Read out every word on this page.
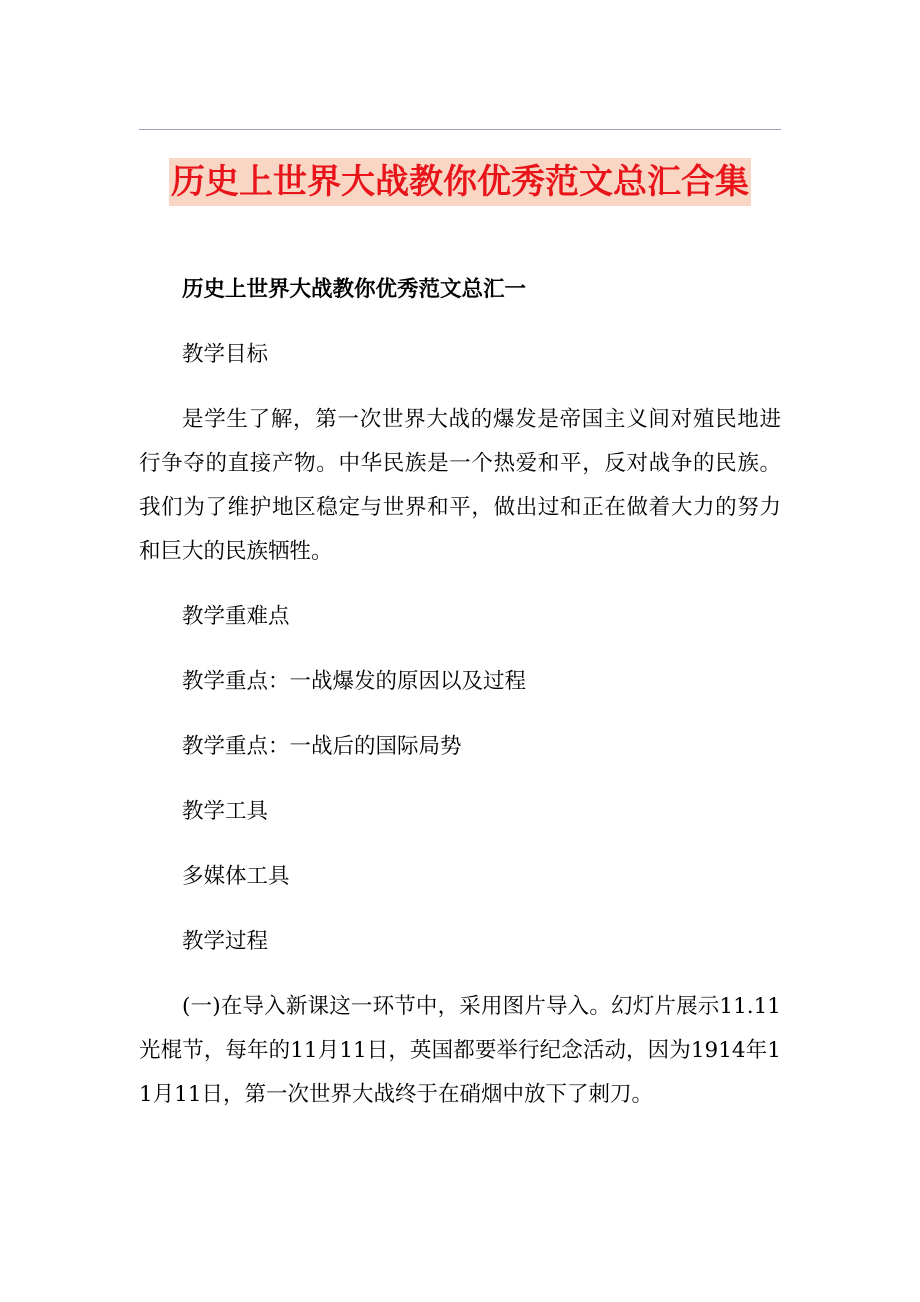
历史上世界大战教你优秀范文总汇合集

历史上世界大战教你优秀范文总汇一

教学目标

是学生了解，第一次世界大战的爆发是帝国主义间对殖民地进行争夺的直接产物。中华民族是一个热爱和平，反对战争的民族。我们为了维护地区稳定与世界和平，做出过和正在做着大力的努力和巨大的民族牺牲。

教学重难点

教学重点：一战爆发的原因以及过程

教学重点：一战后的国际局势

教学工具

多媒体工具

教学过程

(一)在导入新课这一环节中，采用图片导入。幻灯片展示11.11光棍节，每年的11月11日，英国都要举行纪念活动，因为1914年11月11日，第一次世界大战终于在硝烟中放下了刺刀。
